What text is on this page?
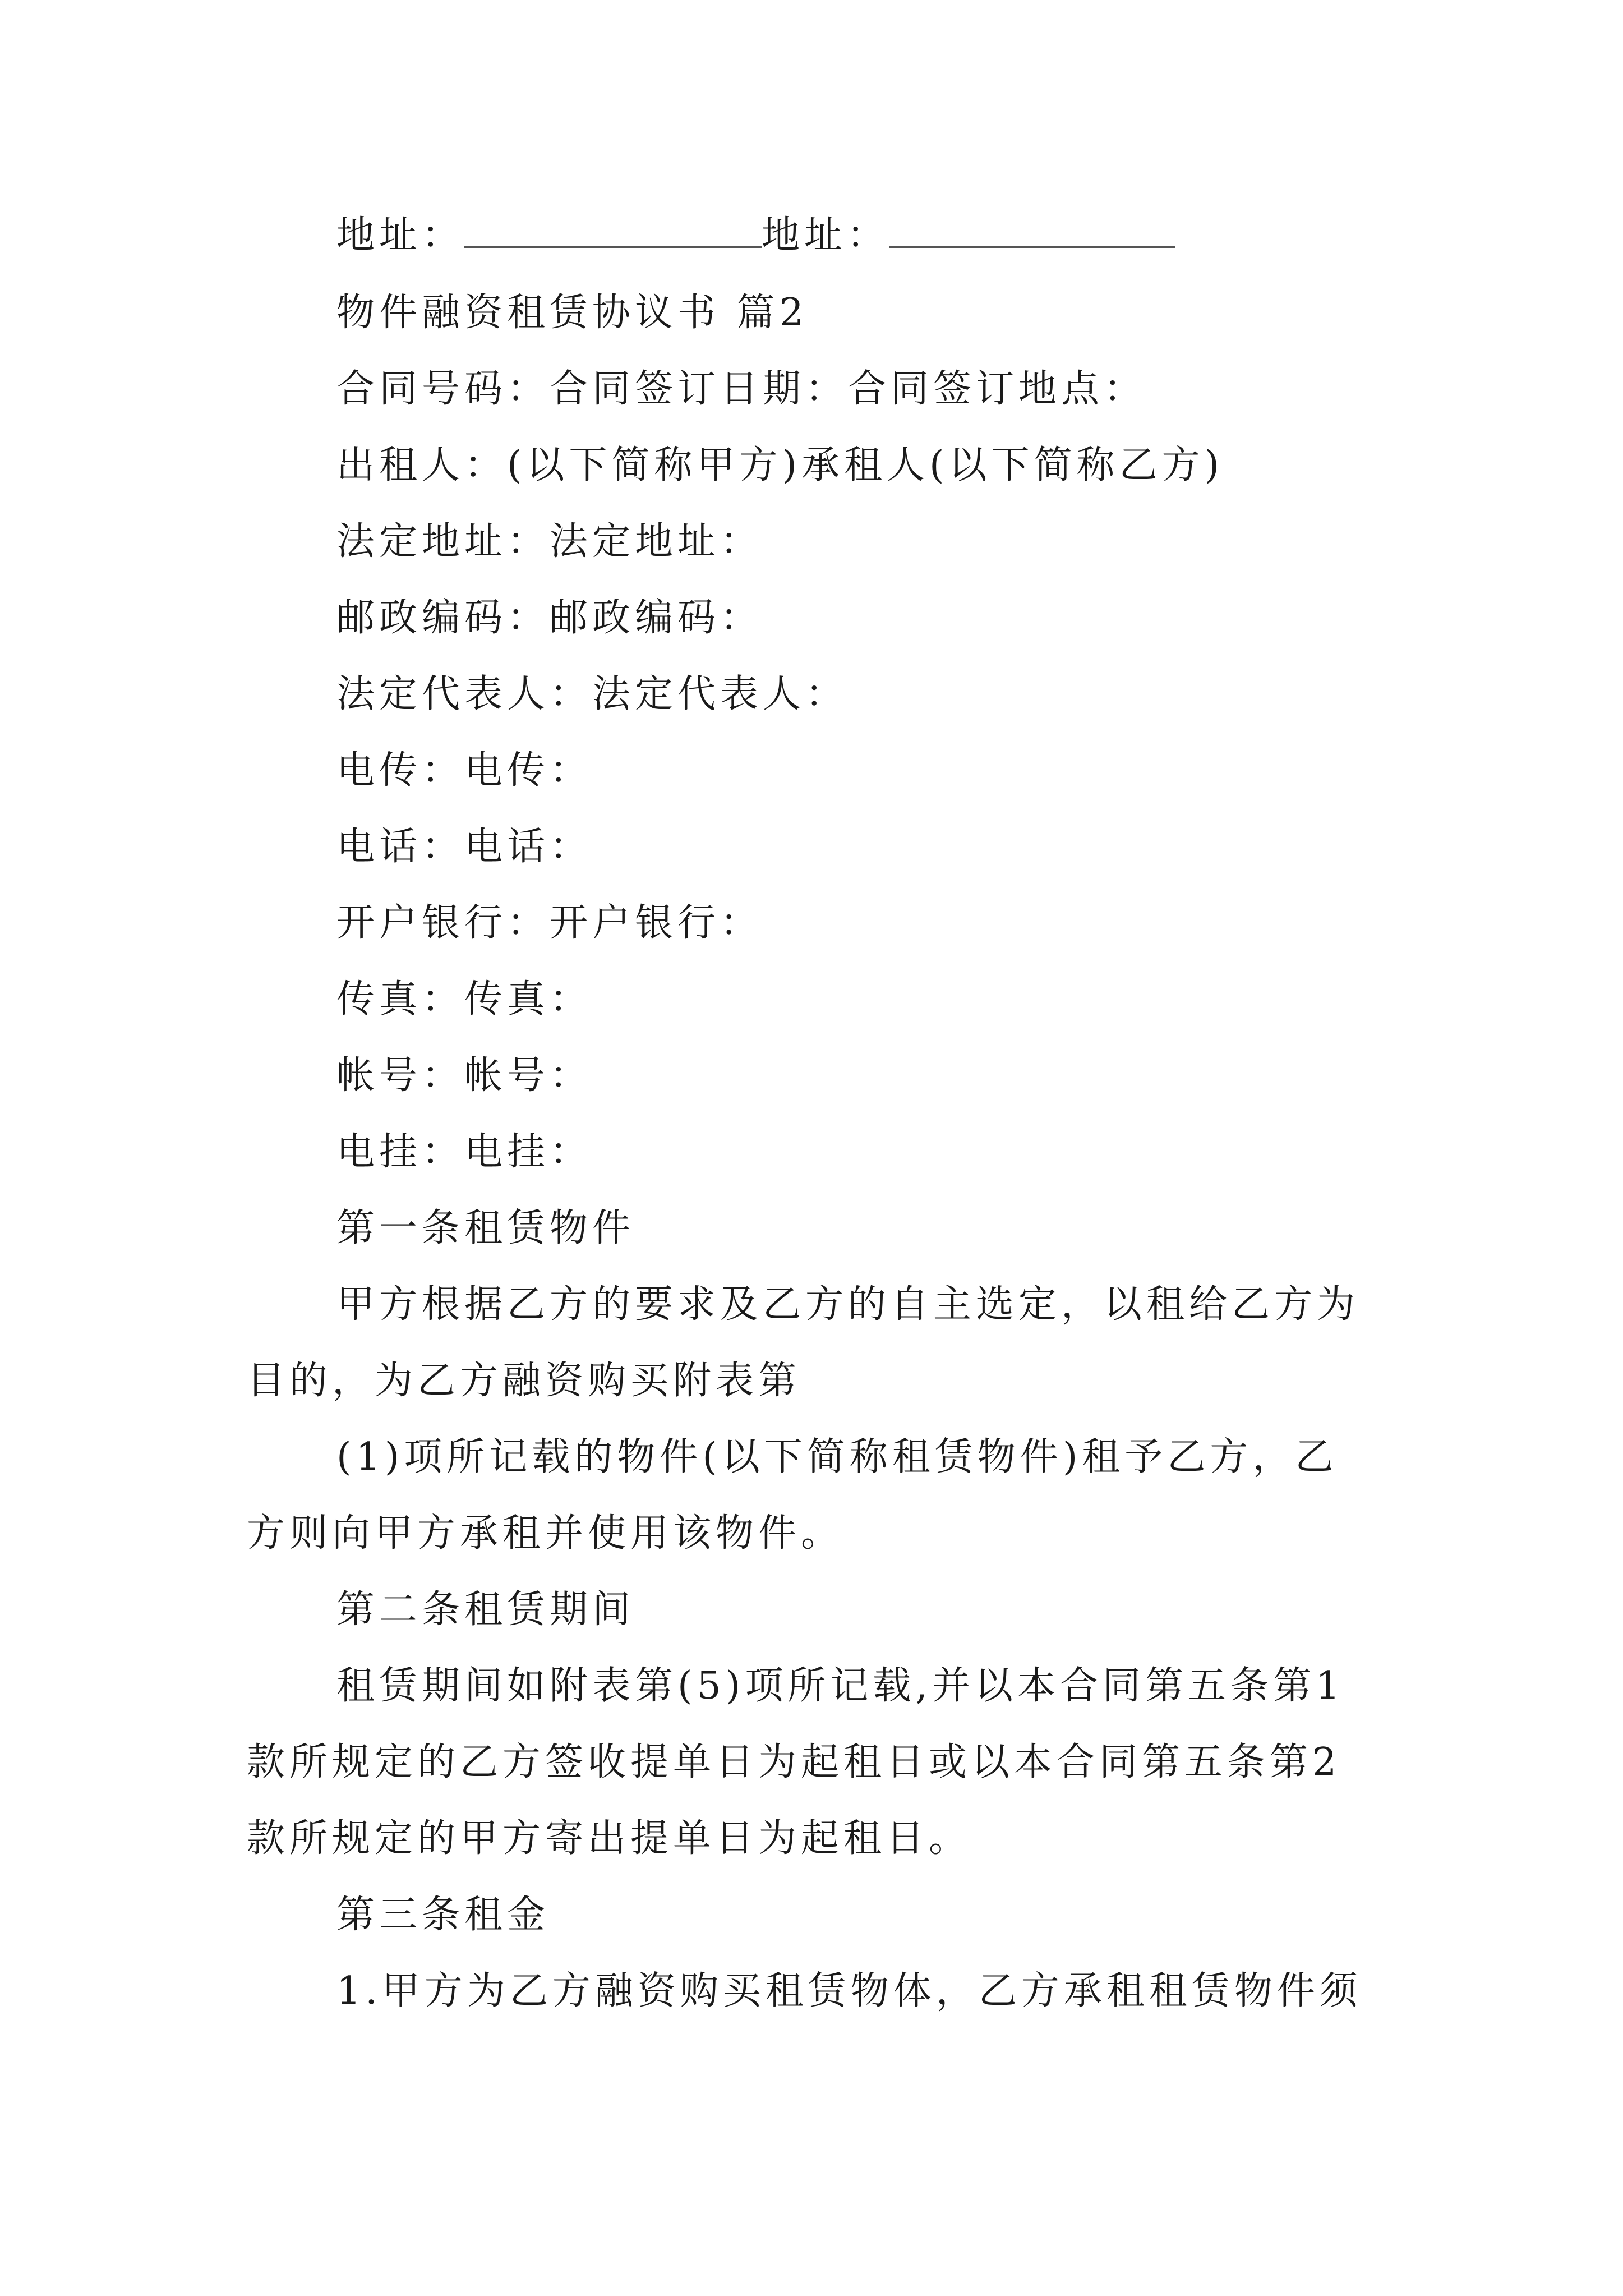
地址：	地址：
物件融资租赁协议书 篇2
合同号码：合同签订日期：合同签订地点：
出租人：(以下简称甲方)承租人(以下简称乙方)
法定地址：法定地址：
邮政编码：邮政编码：
法定代表人：法定代表人：
电传：电传：
电话：电话：
开户银行：开户银行：
传真：传真：
帐号：帐号：
电挂：电挂：
第一条租赁物件
甲方根据乙方的要求及乙方的自主选定，以租给乙方为
目的，为乙方融资购买附表第
(1)项所记载的物件(以下简称租赁物件)租予乙方，乙
方则向甲方承租并使用该物件。
第二条租赁期间
租赁期间如附表第(5)项所记载,并以本合同第五条第1
款所规定的乙方签收提单日为起租日或以本合同第五条第2
款所规定的甲方寄出提单日为起租日。
第三条租金
1.甲方为乙方融资购买租赁物体，乙方承租租赁物件须
